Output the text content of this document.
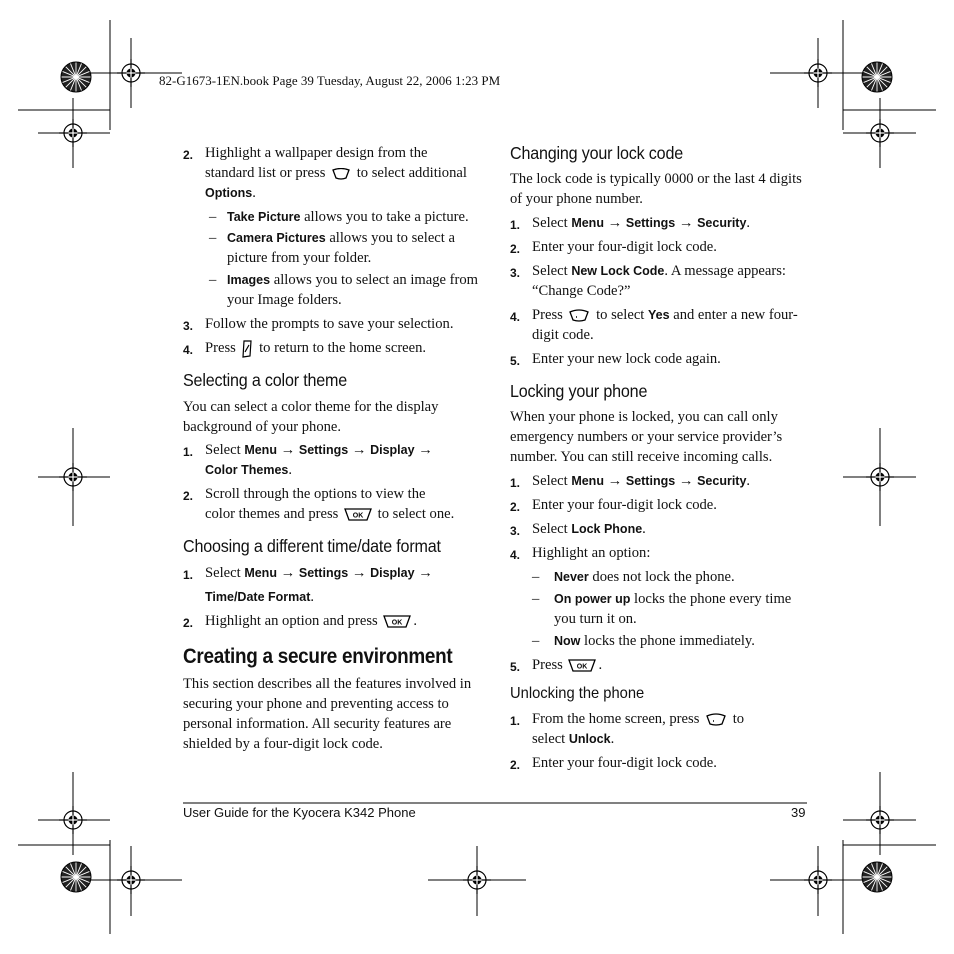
82-G1673-1EN.book Page 39 Tuesday, August 22, 2006 1:23 PM
2. Highlight a wallpaper design from the
standard list or press to select additional
Options.
– Take Picture allows you to take a picture.
– Camera Pictures allows you to select a
picture from your folder.
– Images allows you to select an image from
your Image folders.
3. Follow the prompts to save your selection.
4. Press to return to the home screen.
Selecting a color theme
You can select a color theme for the display
background of your phone.
1. Select Menu → Settings → Display →
Color Themes.
2. Scroll through the options to view the
color themes and press OK to select one.
Choosing a different time/date format
1. Select Menu → Settings → Display →
Time/Date Format.
2. Highlight an option and press OK .
Creating a secure environment
This section describes all the features involved in
securing your phone and preventing access to
personal information. All security features are
shielded by a four-digit lock code.
Changing your lock code
The lock code is typically 0000 or the last 4 digits
of your phone number.
1. Select Menu → Settings → Security.
2. Enter your four-digit lock code.
3. Select New Lock Code. A message appears:
“Change Code?”
4. Press to select Yes and enter a new four-
digit code.
5. Enter your new lock code again.
Locking your phone
When your phone is locked, you can call only
emergency numbers or your service provider’s
number. You can still receive incoming calls.
1. Select Menu → Settings → Security.
2. Enter your four-digit lock code.
3. Select Lock Phone.
4. Highlight an option:
– Never does not lock the phone.
– On power up locks the phone every time
you turn it on.
– Now locks the phone immediately.
5. Press OK .
Unlocking the phone
1. From the home screen, press to
select Unlock.
2. Enter your four-digit lock code.
User Guide for the Kyocera K342 Phone	39
